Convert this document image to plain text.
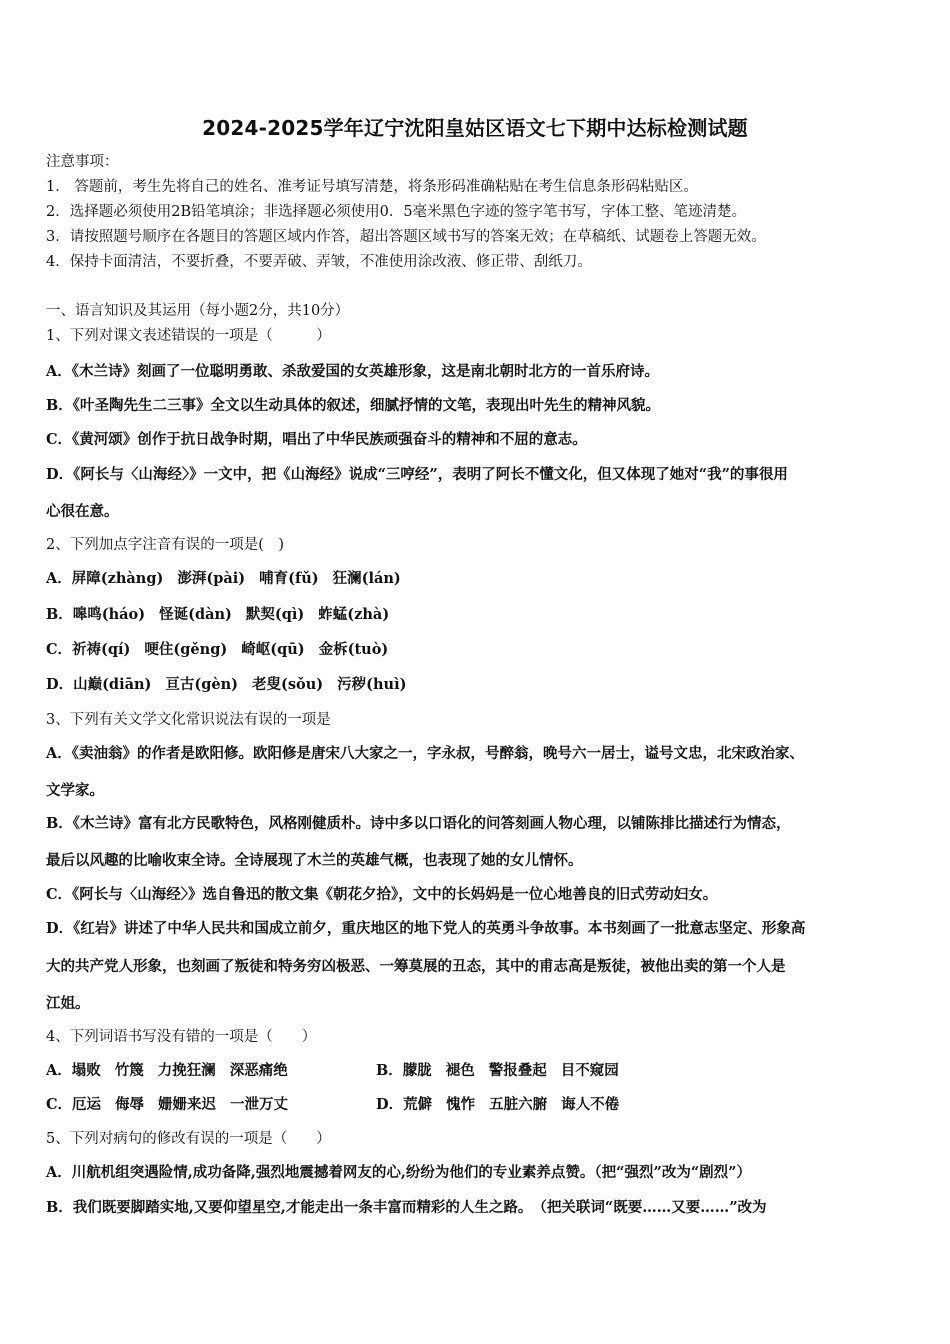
2024-2025学年辽宁沈阳皇姑区语文七下期中达标检测试题
注意事项：
1． 答题前，考生先将自己的姓名、准考证号填写清楚，将条形码准确粘贴在考生信息条形码粘贴区。
2．选择题必须使用2B铅笔填涂；非选择题必须使用0．5毫米黑色字迹的签字笔书写，字体工整、笔迹清楚。
3．请按照题号顺序在各题目的答题区域内作答，超出答题区域书写的答案无效；在草稿纸、试题卷上答题无效。
4．保持卡面清洁，不要折叠，不要弄破、弄皱，不准使用涂改液、修正带、刮纸刀。
一、语言知识及其运用（每小题2分，共10分）
1、下列对课文表述错误的一项是（　　　）
A．《木兰诗》刻画了一位聪明勇敢、杀敌爱国的女英雄形象，这是南北朝时北方的一首乐府诗。
B．《叶圣陶先生二三事》全文以生动具体的叙述，细腻抒情的文笔，表现出叶先生的精神风貌。
C．《黄河颂》创作于抗日战争时期，唱出了中华民族顽强奋斗的精神和不屈的意志。
D．《阿长与〈山海经〉》一文中，把《山海经》说成“三哼经”，表明了阿长不懂文化，但又体现了她对“我”的事很用
心很在意。
2、下列加点字注音有误的一项是(　)
A．屏障(zhàng) 澎湃(pài) 哺育(fǔ) 狂澜(lán)
B．嗥鸣(háo) 怪诞(dàn) 默契(qì) 蚱蜢(zhà)
C．祈祷(qí) 哽住(gěng) 崎岖(qū) 金柝(tuò)
D．山巅(diān) 亘古(gèn) 老叟(sǒu) 污秽(huì)
3、下列有关文学文化常识说法有误的一项是
A．《卖油翁》的作者是欧阳修。欧阳修是唐宋八大家之一，字永叔，号醉翁，晚号六一居士，谥号文忠，北宋政治家、
文学家。
B．《木兰诗》富有北方民歌特色，风格刚健质朴。诗中多以口语化的问答刻画人物心理，以铺陈排比描述行为情态，
最后以风趣的比喻收束全诗。全诗展现了木兰的英雄气概，也表现了她的女儿情怀。
C．《阿长与〈山海经〉》选自鲁迅的散文集《朝花夕拾》，文中的长妈妈是一位心地善良的旧式劳动妇女。
D．《红岩》讲述了中华人民共和国成立前夕，重庆地区的地下党人的英勇斗争故事。本书刻画了一批意志坚定、形象高
大的共产党人形象，也刻画了叛徒和特务穷凶极恶、一筹莫展的丑态，其中的甫志高是叛徒，被他出卖的第一个人是
江姐。
4、下列词语书写没有错的一项是（　　）
A．塌败 竹篾 力挽狂澜 深恶痛绝	B．朦胧 褪色 警报叠起 目不窥园
C．厄运 侮辱 姗姗来迟 一泄万丈	D．荒僻 愧怍 五脏六腑 诲人不倦
5、下列对病句的修改有误的一项是（　　）
A．川航机组突遇险情,成功备降,强烈地震撼着网友的心,纷纷为他们的专业素养点赞。（把“强烈”改为“剧烈”）
B．我们既要脚踏实地,又要仰望星空,才能走出一条丰富而精彩的人生之路。　（把关联词“既要……又要……”改为
